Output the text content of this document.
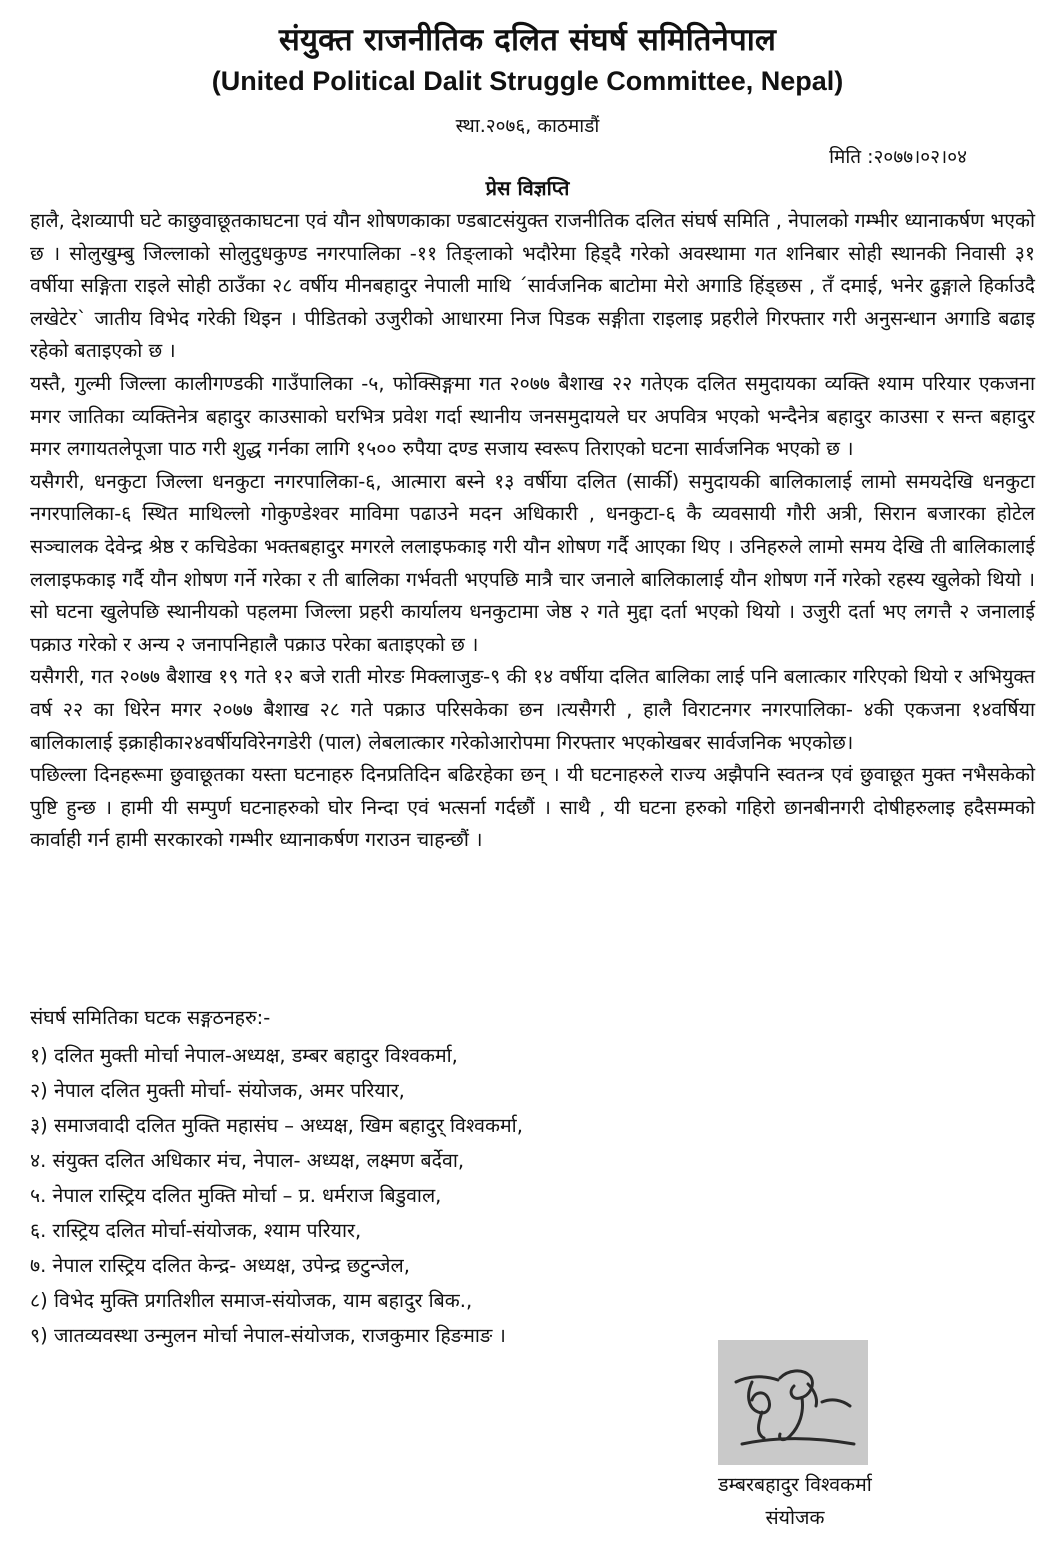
संयुक्त राजनीतिक दलित संघर्ष समितिनेपाल
(United Political Dalit Struggle Committee, Nepal)
स्था.२०७६, काठमाडौं
मिति :२०७७।०२।०४
प्रेस विज्ञप्ति

हालै, देशव्यापी घटे काछुवाछूतकाघटना एवं यौन शोषणकाका ण्डबाटसंयुक्त राजनीतिक दलित संघर्ष समिति , नेपालको गम्भीर ध्यानाकर्षण भएको छ । सोलुखुम्बु जिल्लाको सोलुदुधकुण्ड नगरपालिका -११ तिङ्लाको भदौरेमा हिड्दै गरेको अवस्थामा गत शनिबार सोही स्थानकी निवासी ३१ वर्षीया सङ्गिता राइले सोही ठाउँका २८ वर्षीय मीनबहादुर नेपाली माथि ´सार्वजनिक बाटोमा मेरो अगाडि हिंड्छस , तँ दमाई, भनेर ढुङ्गाले हिर्काउदै लखेटेर` जातीय विभेद गरेकी थिइन । पीडितको उजुरीको आधारमा निज पिडक सङ्गीता राइलाइ प्रहरीले गिरफ्तार गरी अनुसन्धान अगाडि बढाइ रहेको बताइएको छ ।

यस्तै, गुल्मी जिल्ला कालीगण्डकी गाउँपालिका -५, फोक्सिङ्गमा गत २०७७ बैशाख २२ गतेएक दलित समुदायका व्यक्ति श्याम परियार एकजना मगर जातिका व्यक्तिनेत्र बहादुर काउसाको घरभित्र प्रवेश गर्दा स्थानीय जनसमुदायले घर अपवित्र भएको भन्दैनेत्र बहादुर काउसा र सन्त बहादुर मगर लगायतलेपूजा पाठ गरी शुद्ध गर्नका लागि १५०० रुपैया दण्ड सजाय स्वरूप तिराएको घटना सार्वजनिक भएको छ ।

यसैगरी, धनकुटा जिल्ला धनकुटा नगरपालिका-६, आत्मारा बस्ने १३ वर्षीया दलित (सार्की) समुदायकी बालिकालाई लामो समयदेखि धनकुटा नगरपालिका-६ स्थित माथिल्लो गोकुण्डेश्वर माविमा पढाउने मदन अधिकारी , धनकुटा-६ कै व्यवसायी गौरी अत्री, सिरान बजारका होटेल सञ्चालक देवेन्द्र श्रेष्ठ र कचिडेका भक्तबहादुर मगरले ललाइफकाइ गरी यौन शोषण गर्दै आएका थिए । उनिहरुले लामो समय देखि ती बालिकालाई ललाइफकाइ गर्दै यौन शोषण गर्ने गरेका र ती बालिका गर्भवती भएपछि मात्रै चार जनाले बालिकालाई यौन शोषण गर्ने गरेको रहस्य खुलेको थियो । सो घटना खुलेपछि स्थानीयको पहलमा जिल्ला प्रहरी कार्यालय धनकुटामा जेष्ठ २ गते मुद्दा दर्ता भएको थियो । उजुरी दर्ता भए लगत्तै २ जनालाई पक्राउ गरेको र अन्य २ जनापनिहालै पक्राउ परेका बताइएको छ ।

यसैगरी, गत २०७७ बैशाख १९ गते १२ बजे राती मोरङ मिक्लाजुङ-९ की १४ वर्षीया दलित बालिका लाई पनि बलात्कार गरिएको थियो र अभियुक्त वर्ष २२ का धिरेन मगर २०७७ बैशाख २८ गते पक्राउ परिसकेका छन ।त्यसैगरी , हालै विराटनगर नगरपालिका- ४की एकजना १४वर्षिया बालिकालाई इक्राहीका२४वर्षीयविरेनगडेरी (पाल) लेबलात्कार गरेकोआरोपमा गिरफ्तार भएकोखबर सार्वजनिक भएकोछ।

पछिल्ला दिनहरूमा छुवाछूतका यस्ता घटनाहरु दिनप्रतिदिन बढिरहेका छन् । यी घटनाहरुले राज्य अझैपनि स्वतन्त्र एवं छुवाछूत मुक्त नभैसकेको पुष्टि हुन्छ । हामी यी सम्पुर्ण घटनाहरुको घोर निन्दा एवं भत्सर्ना गर्दछौं । साथै , यी घटना हरुको गहिरो छानबीनगरी दोषीहरुलाइ हदैसम्मको कार्वाही गर्न हामी सरकारको गम्भीर ध्यानाकर्षण गराउन चाहन्छौं ।

संघर्ष समितिका घटक सङ्गठनहरु:-

१) दलित मुक्ती मोर्चा नेपाल-अध्यक्ष, डम्बर बहादुर विश्वकर्मा,
२) नेपाल दलित मुक्ती मोर्चा- संयोजक, अमर परियार,
३) समाजवादी दलित मुक्ति महासंघ – अध्यक्ष, खिम बहादुर् विश्वकर्मा,
४. संयुक्त दलित अधिकार मंच, नेपाल- अध्यक्ष, लक्ष्मण बर्देवा,
५. नेपाल रास्ट्रिय दलित मुक्ति मोर्चा – प्र. धर्मराज बिडुवाल,
६. रास्ट्रिय दलित मोर्चा-संयोजक, श्याम परियार,
७. नेपाल रास्ट्रिय दलित केन्द्र- अध्यक्ष, उपेन्द्र छटुन्जेल,
८) विभेद मुक्ति प्रगतिशील समाज-संयोजक, याम बहादुर बिक.,
९) जातव्यवस्था उन्मुलन मोर्चा नेपाल-संयोजक, राजकुमार हिङमाङ ।
डम्बरबहादुर विश्वकर्मा
संयोजक
